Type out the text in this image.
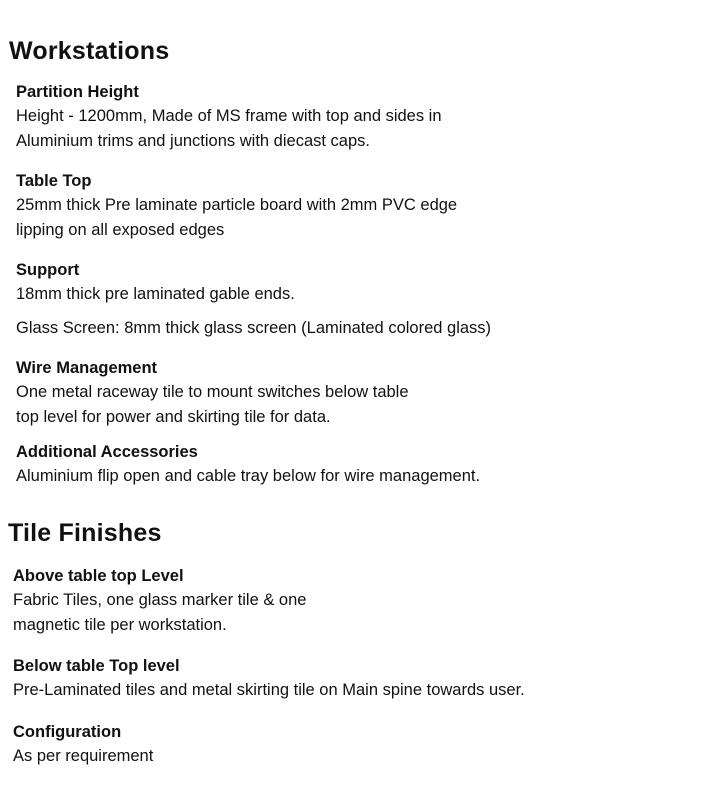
Workstations
Partition Height
Height - 1200mm, Made of MS frame with top and sides in
Aluminium trims and junctions with diecast caps.
Table Top
25mm thick Pre laminate particle board with 2mm PVC edge
lipping on all exposed edges
Support
18mm thick pre laminated gable ends.
Glass Screen: 8mm thick glass screen (Laminated colored glass)
Wire Management
One metal raceway tile to mount switches below table
top level for power and skirting tile for data.
Additional Accessories
Aluminium flip open and cable tray below for wire management.
Tile Finishes
Above table top Level
Fabric Tiles, one glass marker tile & one
magnetic tile per workstation.
Below table Top level
Pre-Laminated tiles and metal skirting tile on Main spine towards user.
Configuration
As per requirement
